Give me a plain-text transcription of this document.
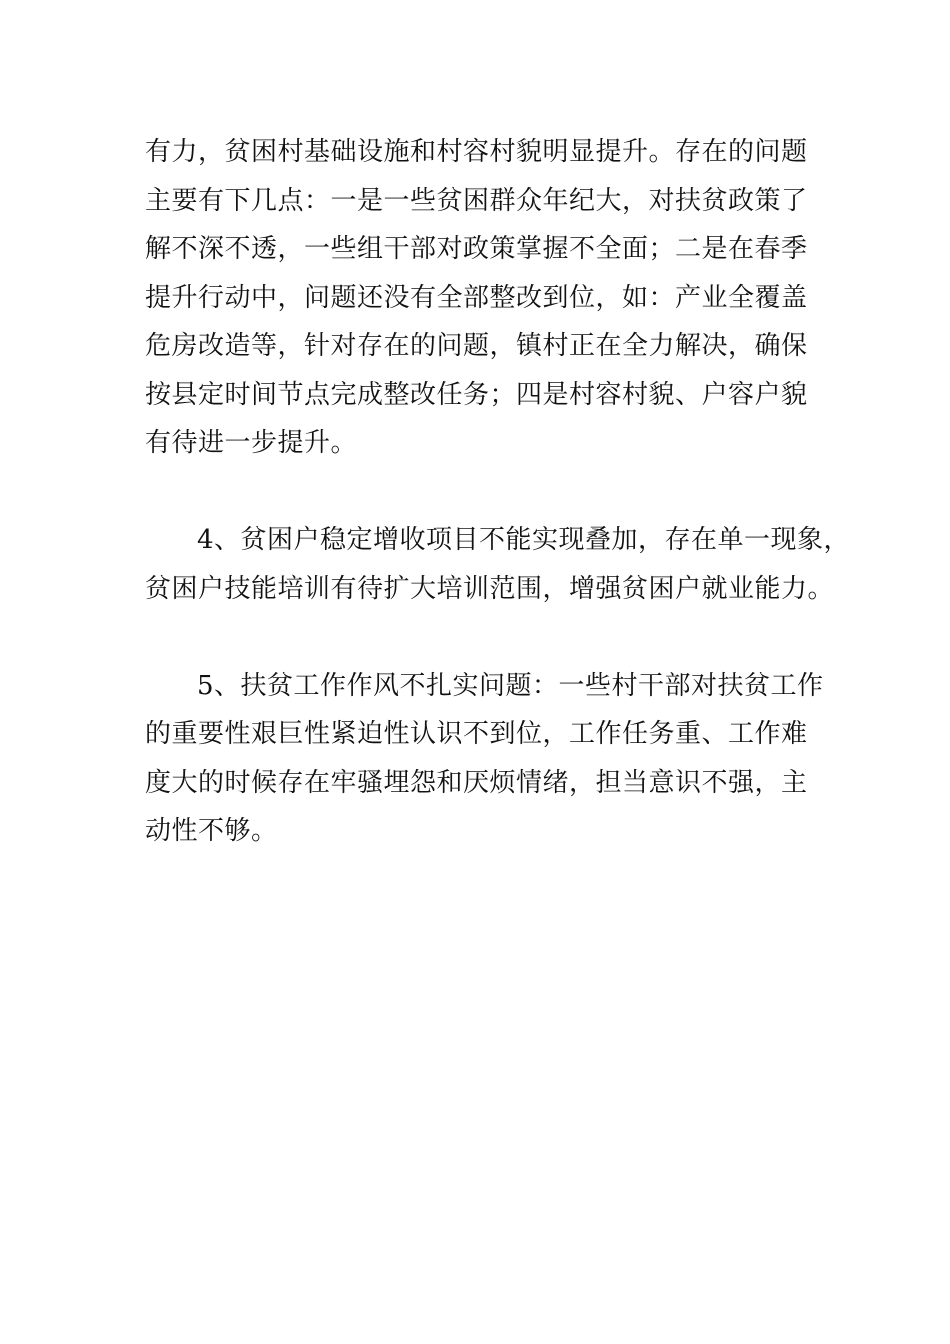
有力，贫困村基础设施和村容村貌明显提升。存在的问题
主要有下几点：一是一些贫困群众年纪大，对扶贫政策了
解不深不透，一些组干部对政策掌握不全面；二是在春季
提升行动中，问题还没有全部整改到位，如：产业全覆盖
危房改造等，针对存在的问题，镇村正在全力解决，确保
按县定时间节点完成整改任务；四是村容村貌、户容户貌
有待进一步提升。
4、贫困户稳定增收项目不能实现叠加，存在单一现象，
贫困户技能培训有待扩大培训范围，增强贫困户就业能力。
5、扶贫工作作风不扎实问题：一些村干部对扶贫工作
的重要性艰巨性紧迫性认识不到位，工作任务重、工作难
度大的时候存在牢骚埋怨和厌烦情绪，担当意识不强，主
动性不够。
